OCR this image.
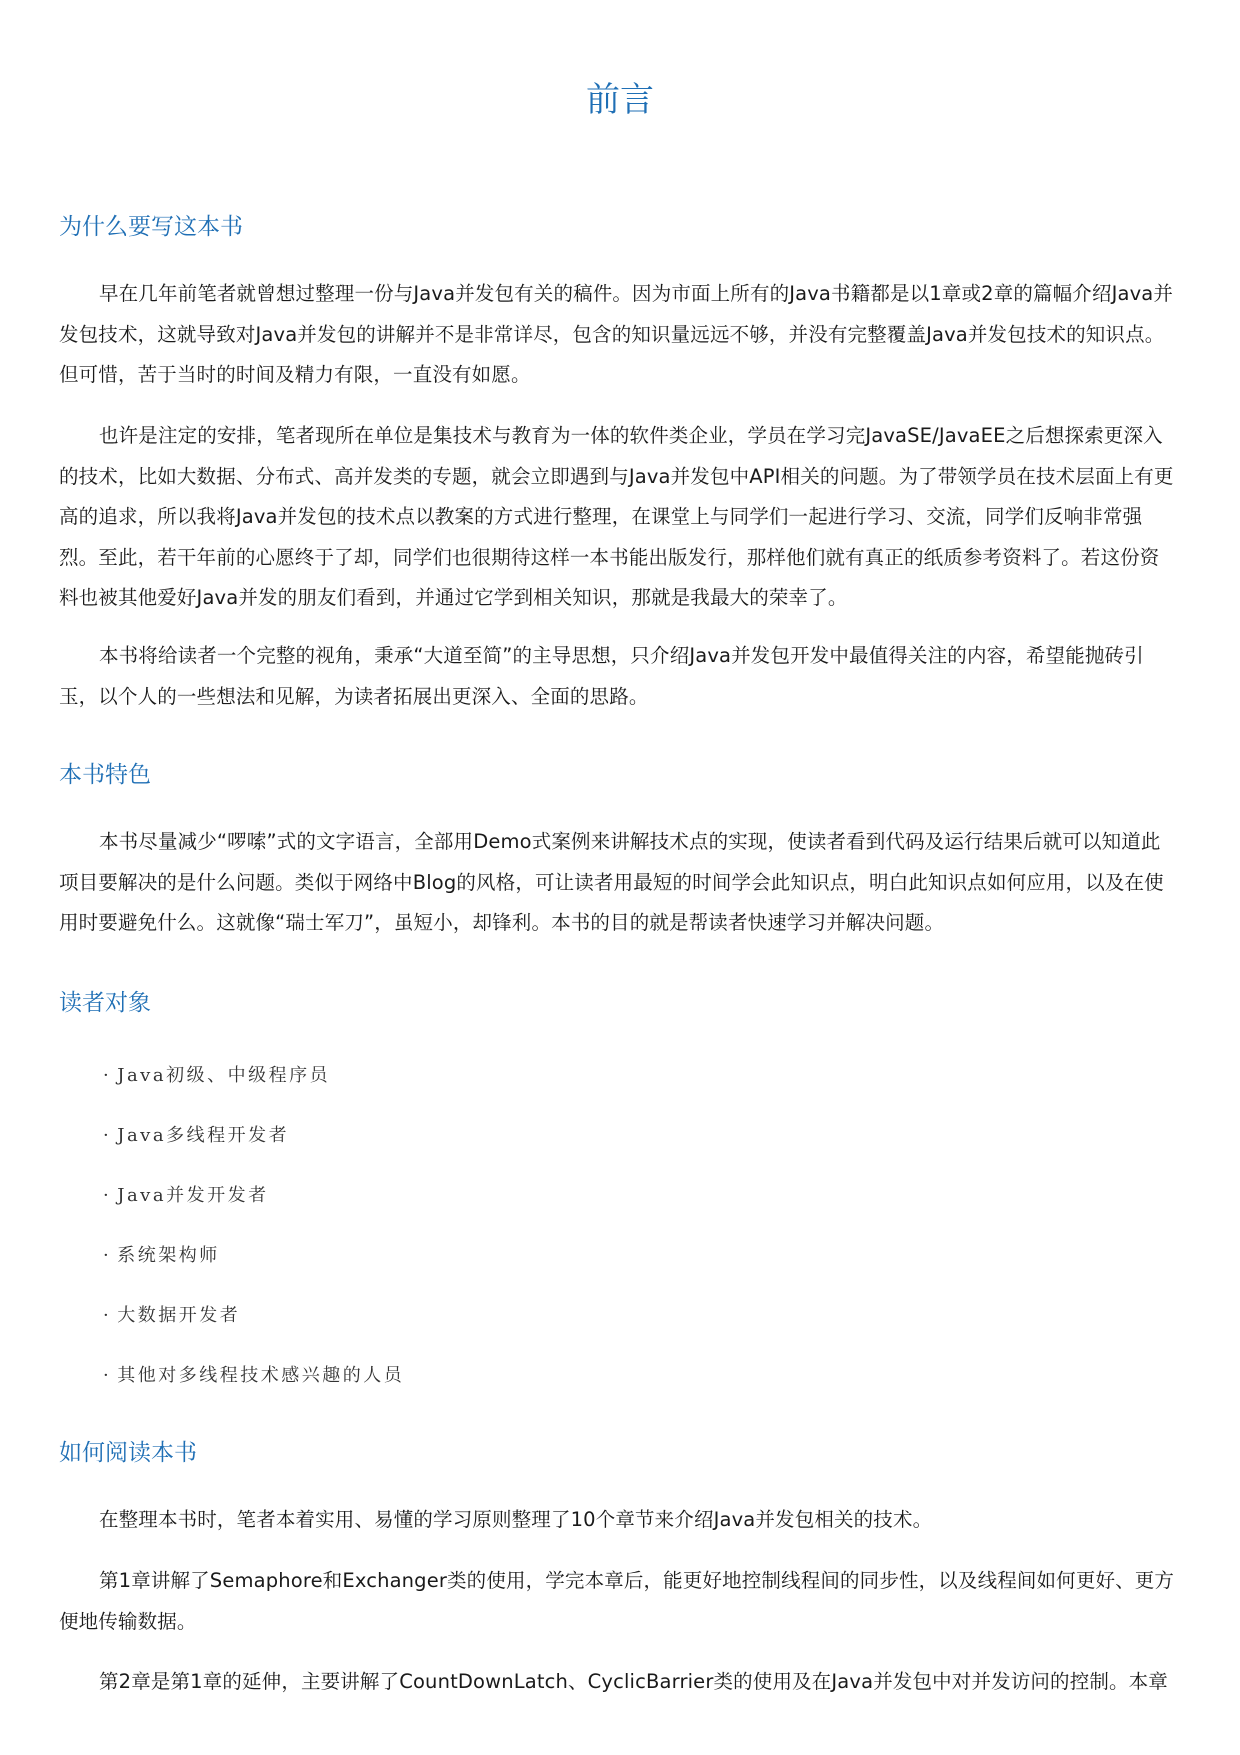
前言
为什么要写这本书

早在几年前笔者就曾想过整理一份与Java并发包有关的稿件。因为市面上所有的Java书籍都是以1章或2章的篇幅介绍Java并发包技术，这就导致对Java并发包的讲解并不是非常详尽，包含的知识量远远不够，并没有完整覆盖Java并发包技术的知识点。但可惜，苦于当时的时间及精力有限，一直没有如愿。

也许是注定的安排，笔者现所在单位是集技术与教育为一体的软件类企业，学员在学习完JavaSE/JavaEE之后想探索更深入的技术，比如大数据、分布式、高并发类的专题，就会立即遇到与Java并发包中API相关的问题。为了带领学员在技术层面上有更高的追求，所以我将Java并发包的技术点以教案的方式进行整理，在课堂上与同学们一起进行学习、交流，同学们反响非常强烈。至此，若干年前的心愿终于了却，同学们也很期待这样一本书能出版发行，那样他们就有真正的纸质参考资料了。若这份资料也被其他爱好Java并发的朋友们看到，并通过它学到相关知识，那就是我最大的荣幸了。

本书将给读者一个完整的视角，秉承“大道至简”的主导思想，只介绍Java并发包开发中最值得关注的内容，希望能抛砖引玉，以个人的一些想法和见解，为读者拓展出更深入、全面的思路。

本书特色

本书尽量减少“啰嗦”式的文字语言，全部用Demo式案例来讲解技术点的实现，使读者看到代码及运行结果后就可以知道此项目要解决的是什么问题。类似于网络中Blog的风格，可让读者用最短的时间学会此知识点，明白此知识点如何应用，以及在使用时要避免什么。这就像“瑞士军刀”，虽短小，却锋利。本书的目的就是帮读者快速学习并解决问题。

读者对象

· Java初级、中级程序员

· Java多线程开发者

· Java并发开发者

· 系统架构师

· 大数据开发者

· 其他对多线程技术感兴趣的人员

如何阅读本书

在整理本书时，笔者本着实用、易懂的学习原则整理了10个章节来介绍Java并发包相关的技术。

第1章讲解了Semaphore和Exchanger类的使用，学完本章后，能更好地控制线程间的同步性，以及线程间如何更好、更方便地传输数据。

第2章是第1章的延伸，主要讲解了CountDownLatch、CyclicBarrier类的使用及在Java并发包中对并发访问的控制。本章
